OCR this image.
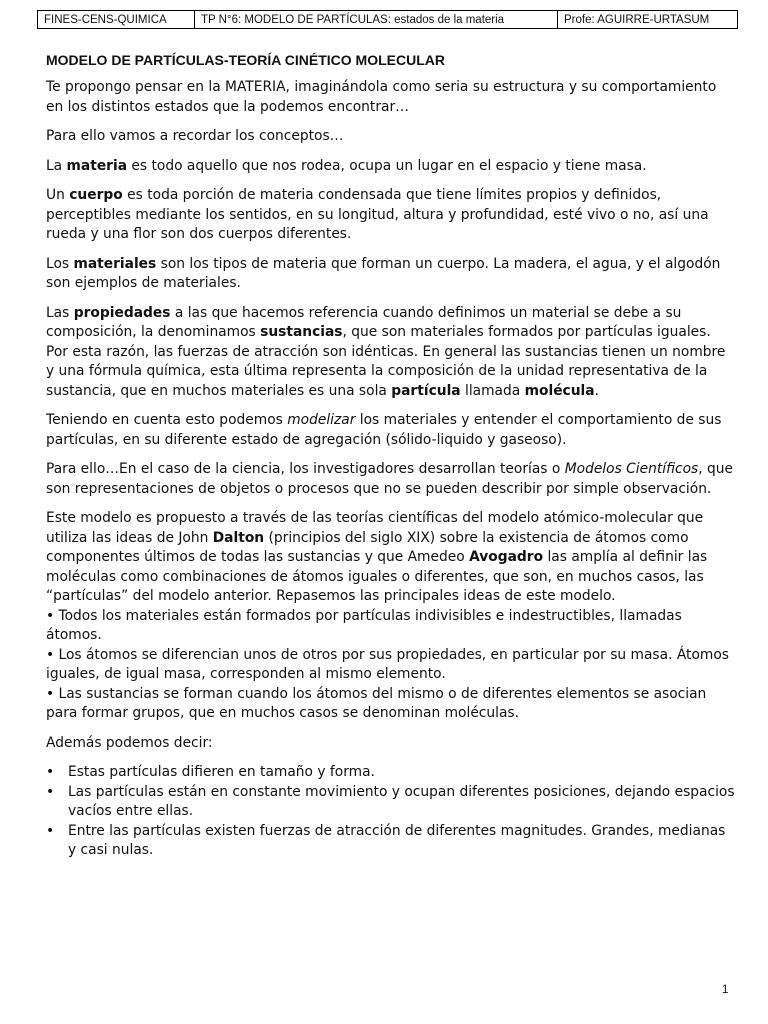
FINES-CENS-QUIMICA	TP N°6: MODELO DE PARTÍCULAS: estados de la materia	Profe: AGUIRRE-URTASUM
MODELO DE PARTÍCULAS-TEORÍA CINÉTICO MOLECULAR

Te propongo pensar en la MATERIA, imaginándola como seria su estructura y su comportamiento en los distintos estados que la podemos encontrar…

Para ello vamos a recordar los conceptos…

La materia es todo aquello que nos rodea, ocupa un lugar en el espacio y tiene masa.

Un cuerpo es toda porción de materia condensada que tiene límites propios y definidos, perceptibles mediante los sentidos, en su longitud, altura y profundidad, esté vivo o no, así una rueda y una flor son dos cuerpos diferentes.

Los materiales son los tipos de materia que forman un cuerpo. La madera, el agua, y el algodón son ejemplos de materiales.

Las propiedades a las que hacemos referencia cuando definimos un material se debe a su composición, la denominamos sustancias, que son materiales formados por partículas iguales. Por esta razón, las fuerzas de atracción son idénticas. En general las sustancias tienen un nombre y una fórmula química, esta última representa la composición de la unidad representativa de la sustancia, que en muchos materiales es una sola partícula llamada molécula.

Teniendo en cuenta esto podemos modelizar los materiales y entender el comportamiento de sus partículas, en su diferente estado de agregación (sólido-liquido y gaseoso).

Para ello…En el caso de la ciencia, los investigadores desarrollan teorías o Modelos Científicos, que son representaciones de objetos o procesos que no se pueden describir por simple observación.

Este modelo es propuesto a través de las teorías científicas del modelo atómico-molecular que utiliza las ideas de John Dalton (principios del siglo XIX) sobre la existencia de átomos como componentes últimos de todas las sustancias y que Amedeo Avogadro las amplía al definir las moléculas como combinaciones de átomos iguales o diferentes, que son, en muchos casos, las “partículas” del modelo anterior. Repasemos las principales ideas de este modelo.
• Todos los materiales están formados por partículas indivisibles e indestructibles, llamadas átomos.
• Los átomos se diferencian unos de otros por sus propiedades, en particular por su masa. Átomos iguales, de igual masa, corresponden al mismo elemento.
• Las sustancias se forman cuando los átomos del mismo o de diferentes elementos se asocian para formar grupos, que en muchos casos se denominan moléculas.

Además podemos decir:

• Estas partículas difieren en tamaño y forma.
• Las partículas están en constante movimiento y ocupan diferentes posiciones, dejando espacios vacíos entre ellas.
• Entre las partículas existen fuerzas de atracción de diferentes magnitudes. Grandes, medianas y casi nulas.
1
